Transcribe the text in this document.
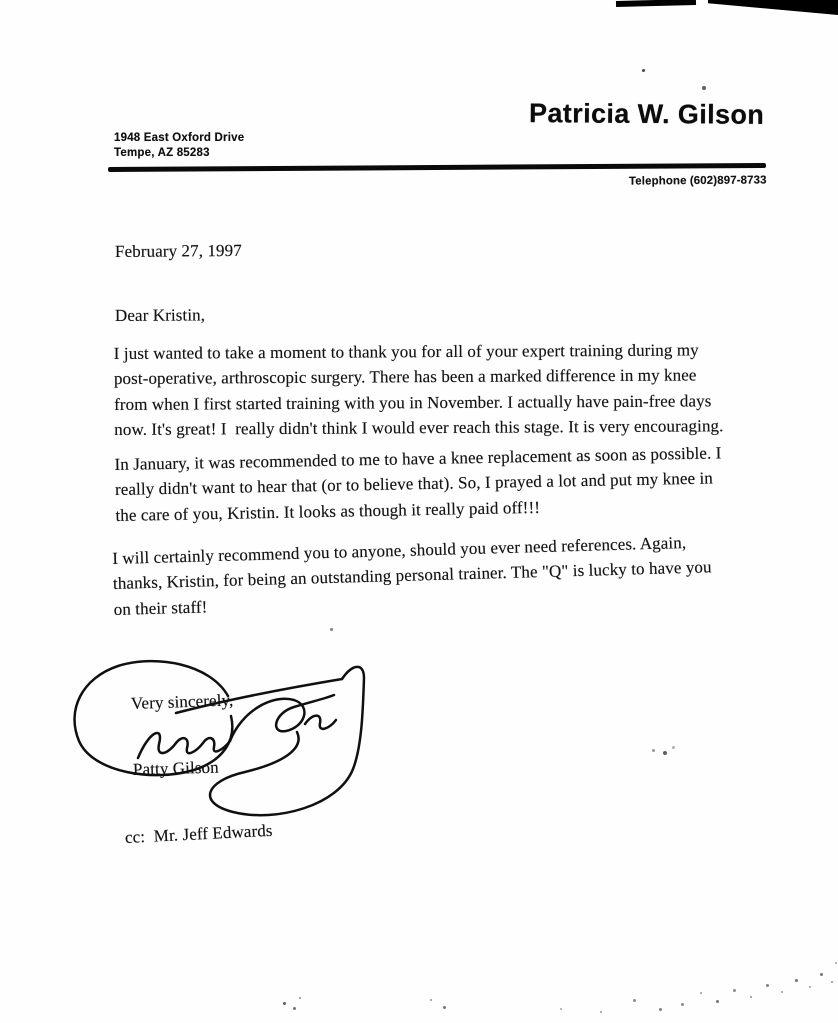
Patricia W. Gilson
1948 East Oxford Drive
Tempe, AZ 85283
Telephone (602)897-8733
February 27, 1997
Dear Kristin,
I just wanted to take a moment to thank you for all of your expert training during my
post-operative, arthroscopic surgery. There has been a marked difference in my knee
from when I first started training with you in November. I actually have pain-free days
now. It's great! I  really didn't think I would ever reach this stage. It is very encouraging.
In January, it was recommended to me to have a knee replacement as soon as possible. I
really didn't want to hear that (or to believe that). So, I prayed a lot and put my knee in
the care of you, Kristin. It looks as though it really paid off!!!
I will certainly recommend you to anyone, should you ever need references. Again,
thanks, Kristin, for being an outstanding personal trainer. The "Q" is lucky to have you
on their staff!
Very sincerely,
Patty Gilson
cc:  Mr. Jeff Edwards
